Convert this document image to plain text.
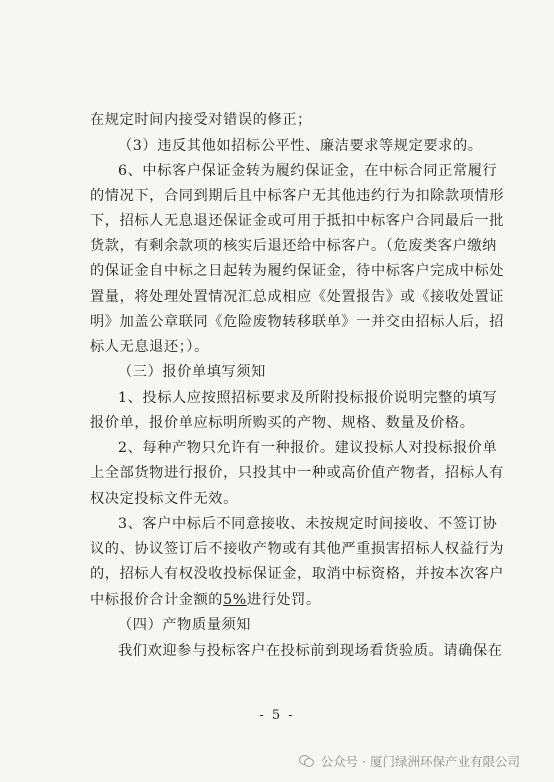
在规定时间内接受对错误的修正；
（3）违反其他如招标公平性、廉洁要求等规定要求的。
6、中标客户保证金转为履约保证金，在中标合同正常履行
的情况下，合同到期后且中标客户无其他违约行为扣除款项情形
下，招标人无息退还保证金或可用于抵扣中标客户合同最后一批
货款，有剩余款项的核实后退还给中标客户。（危废类客户缴纳
的保证金自中标之日起转为履约保证金，待中标客户完成中标处
置量，将处理处置情况汇总成相应《处置报告》或《接收处置证
明》加盖公章联同《危险废物转移联单》一并交由招标人后，招
标人无息退还；）。
（三）报价单填写须知
1、投标人应按照招标要求及所附投标报价说明完整的填写
报价单，报价单应标明所购买的产物、规格、数量及价格。
2、每种产物只允许有一种报价。建议投标人对投标报价单
上全部货物进行报价，只投其中一种或高价值产物者，招标人有
权决定投标文件无效。
3、客户中标后不同意接收、未按规定时间接收、不签订协
议的、协议签订后不接收产物或有其他严重损害招标人权益行为
的，招标人有权没收投标保证金，取消中标资格，并按本次客户
中标报价合计金额的5%进行处罚。
（四）产物质量须知
我们欢迎参与投标客户在投标前到现场看货验质。请确保在
- 5 -
公众号 · 厦门绿洲环保产业有限公司
